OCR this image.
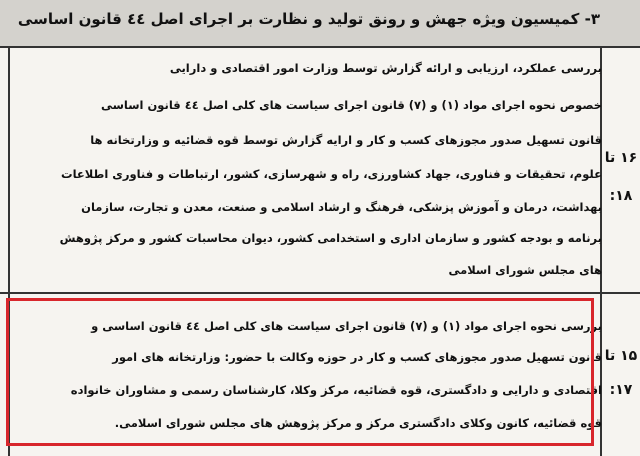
۳- کمیسیون ویژه جهش و رونق تولید و نظارت بر اجرای اصل ٤٤ قانون اساسی
بررسی عملکرد، ارزیابی و ارائه گزارش توسط وزارت امور اقتصادی و دارایی
خصوص نحوه اجرای مواد (۱) و (۷) قانون اجرای سیاست های کلی اصل ٤٤ قانون اساسی
قانون تسهیل صدور مجوزهای کسب و کار و ارایه گزارش توسط قوه قضائیه و وزارتخانه ها
علوم، تحقیقات و فناوری، جهاد کشاورزی، راه و شهرسازی، کشور، ارتباطات و فناوری اطلاعات
بهداشت، درمان و آموزش پزشکی، فرهنگ و ارشاد اسلامی و صنعت، معدن و تجارت، سازمان
برنامه و بودجه کشور و سازمان اداری و استخدامی کشور، دیوان محاسبات کشور و مرکز پژوهش
های مجلس شورای اسلامی
۱۶ تا
۱۸:
بررسی نحوه اجرای مواد (۱) و (۷) قانون اجرای سیاست های کلی اصل ٤٤ قانون اساسی و
قانون تسهیل صدور مجوزهای کسب و کار در حوزه وکالت با حضور: وزارتخانه های امور
اقتصادی و دارایی و دادگستری، قوه قضائیه، مرکز وکلا، کارشناسان رسمی و مشاوران خانواده
قوه قضائیه، کانون وکلای دادگستری مرکز و مرکز پژوهش های مجلس شورای اسلامی.
۱۵ تا
۱۷:
